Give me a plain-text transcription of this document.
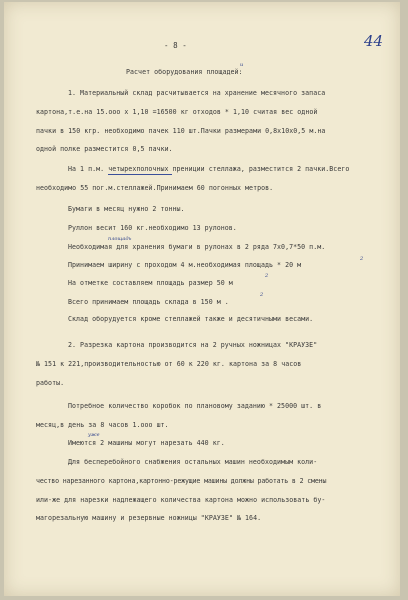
- 8 -	44
и
Расчет оборудования площадей:
1. Материальный склад расчитывается на хранение месячного запаса
картона,т.е.на 15.ооо х 1,10 =16500 кг отходов * 1,10 считая вес одной
пачки в 150 кгр. необходимо пачек 110 шт.Пачки размерами 0,8х10х0,5 м.на
одной полке разместится 0,5 пачки.
На 1 п.м. четырехполочных прениции стеллажа, разместится 2 пачки.Всего
необходимо 55 пог.м.стеллажей.Принимаем 60 погонных метров.
Бумаги в месяц нужно 2 тонны.
Руллон весит 160 кг.необходимо 13 рулонов.
площадь
Необходимая для хранения бумаги в рулонах в 2 ряда 7х0,7*50 п.м.
Принимаем ширину с проходом 4 м.необходимая площадь * 20 м
2
На отметке составляем площадь размер 50 м
2
Всего принимаем площадь склада в 150 м .
2
Склад оборудуется кроме стеллажей также и десятичными весами.
2. Разрезка картона производится на 2 ручных ножницах "КРАУЗЕ"
№ 151 к 221,производительностью от 60 к 220 кг. картона за 8 часов
работы.
Потребное количество коробок по плановому заданию * 25000 шт. в
месяц,в день за 8 часов 1.ооо шт.
уже
Имеются 2 машины могут нарезать 440 кг.
Для бесперебойного снабжения остальных машин необходимым коли-
чество нарезанного картона,картонно-режущие машины должны работать в 2 смены
или-же для нарезки надлежащего количества картона можно использовать бу-
магорезальную машину и резервные ножницы "КРАУЗЕ" № 164.
